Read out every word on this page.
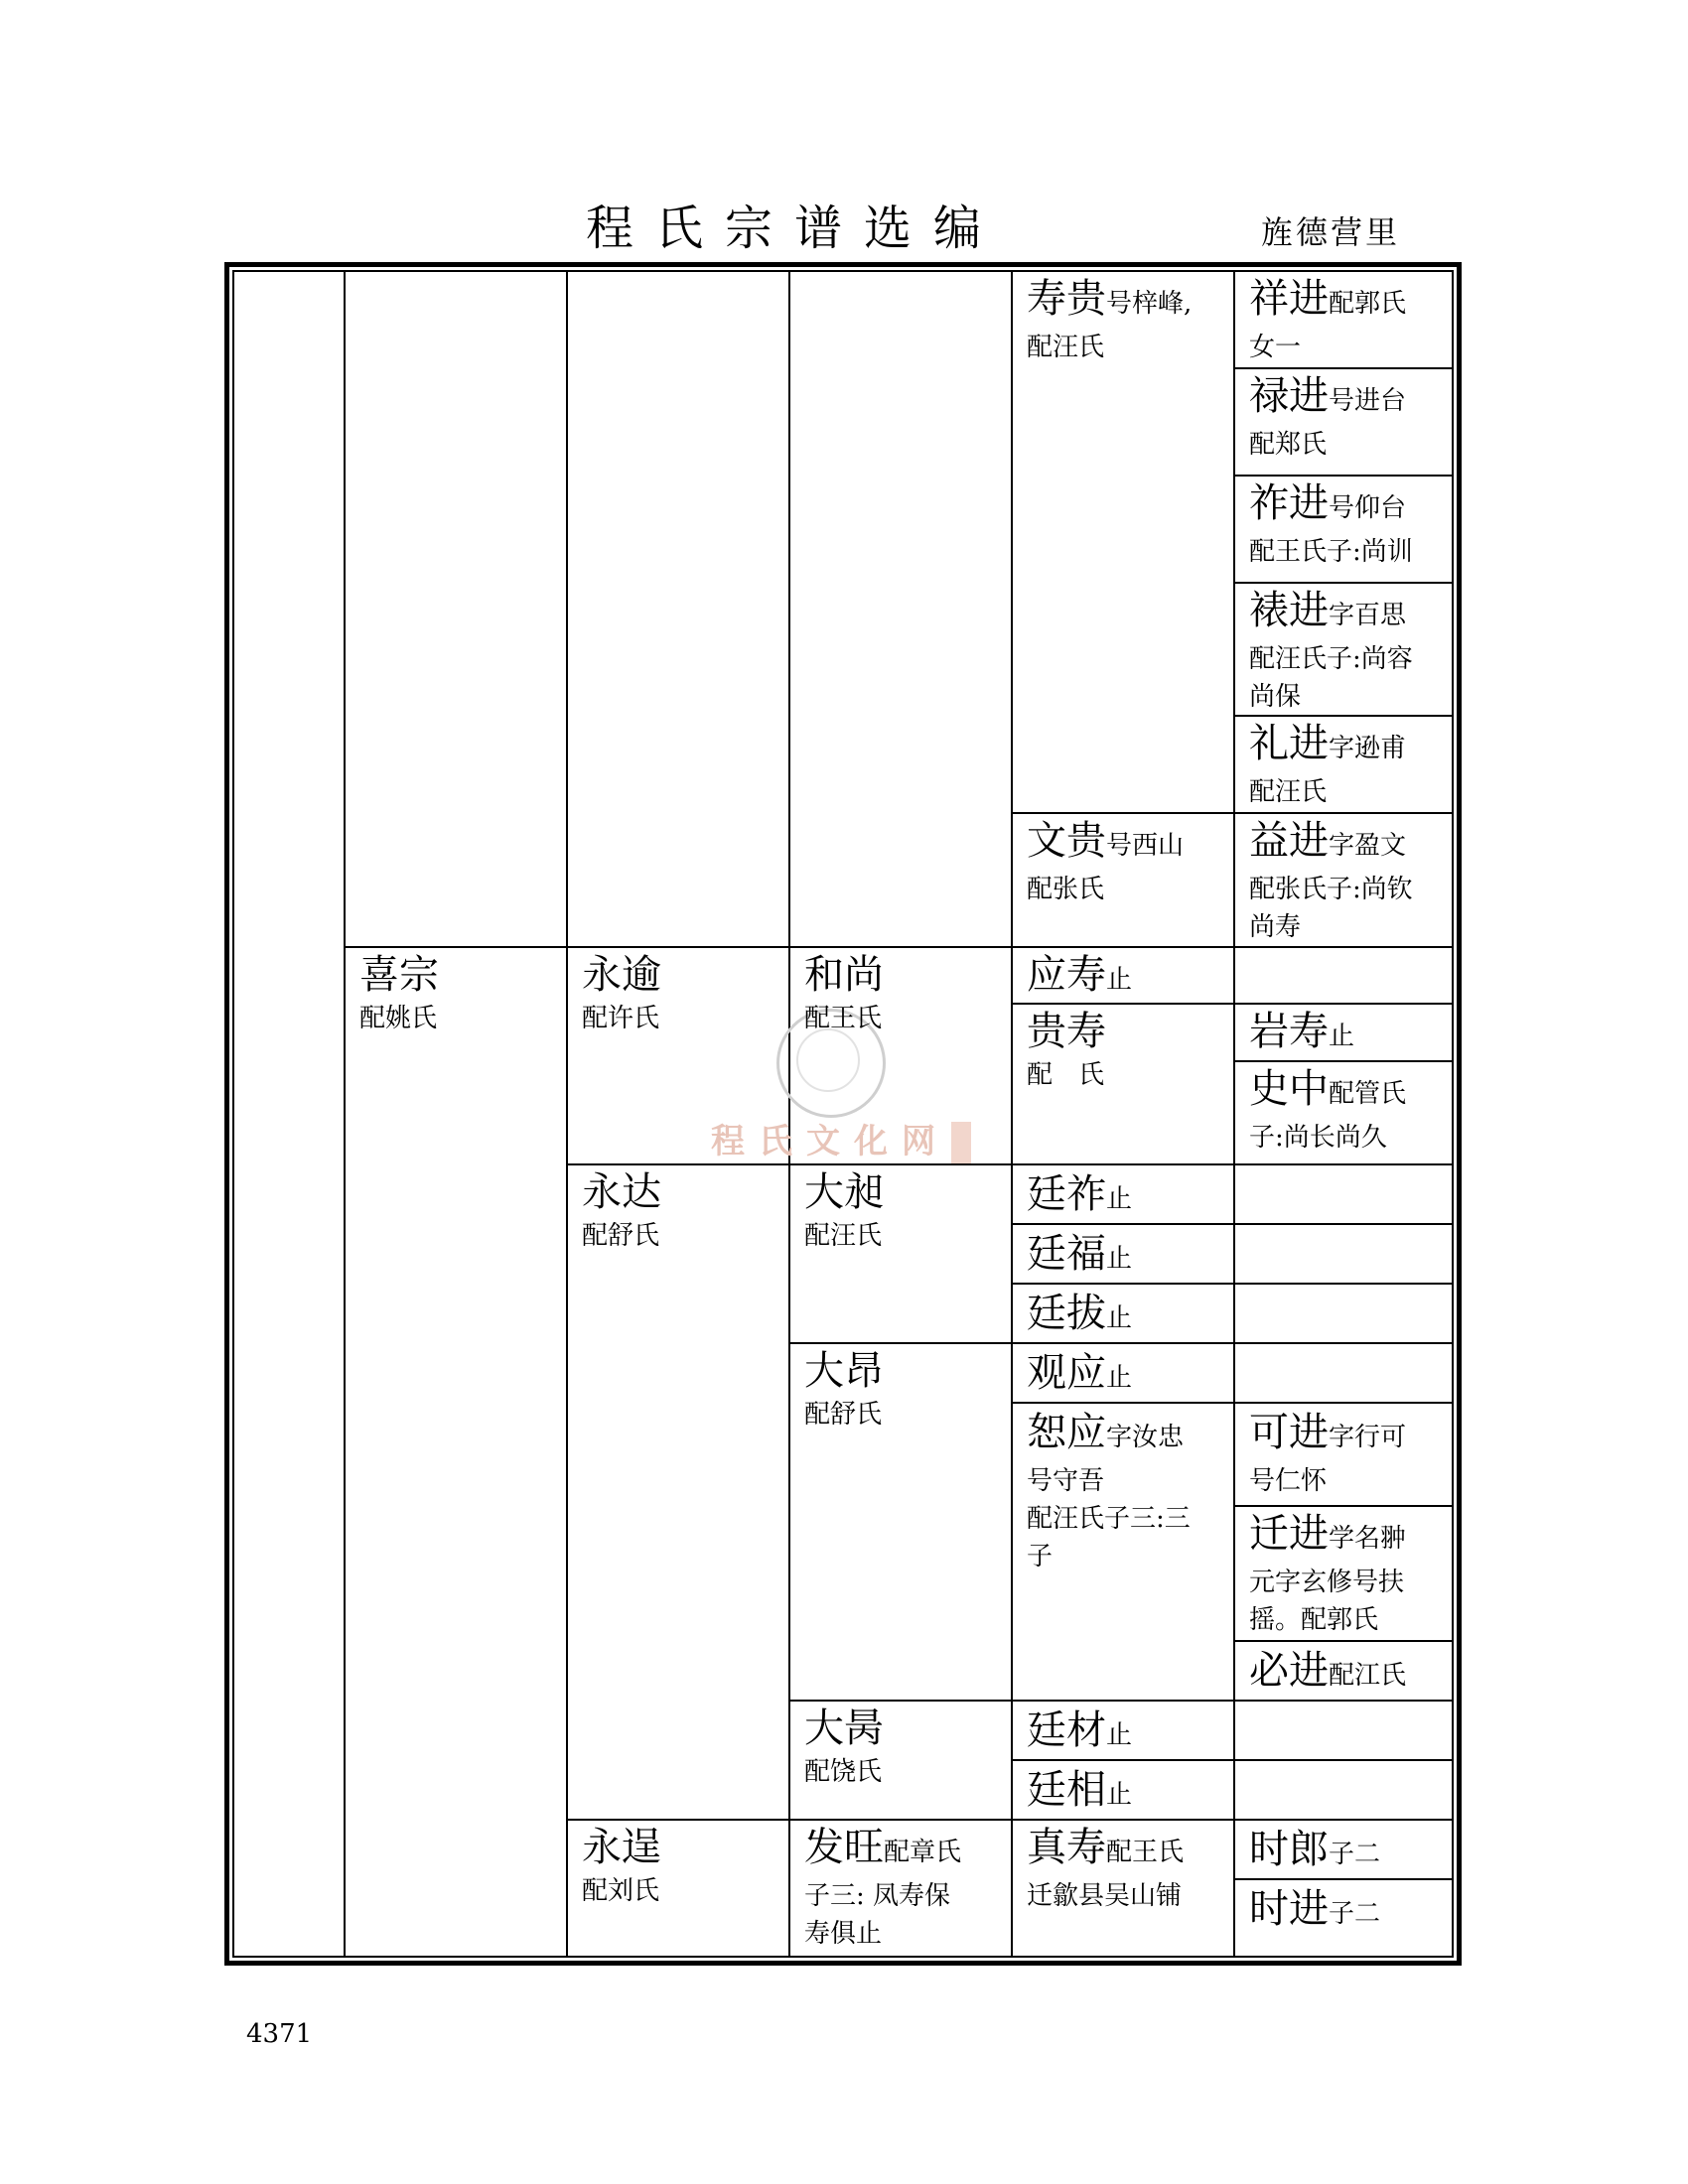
程氏宗谱选编	旌德营里
程氏文化网
寿贵号梓峰,
配汪氏
祥进配郭氏
女一
禄进号进台
配郑氏
祚进号仰台
配王氏子:尚训
裱进字百思
配汪氏子:尚容
尚保
礼进字逊甫
配汪氏
文贵号西山
配张氏
益进字盈文
配张氏子:尚钦
尚寿
喜宗
配姚氏
永逾
配许氏
和尚
配王氏
应寿止
贵寿
配　氏
岩寿止
史中配管氏
子:尚长尚久
永达
配舒氏
大昶
配汪氏
廷祚止
廷福止
廷拔止
大昂
配舒氏
观应止
恕应字汝忠
号守吾
配汪氏子三:三
子
可进字行可
号仁怀
迁进学名翀
元字玄修号扶
摇。配郭氏
必进配江氏
大昺
配饶氏
廷材止
廷相止
永逞
配刘氏
发旺配章氏
子三: 凤寿保
寿俱止
真寿配王氏
迁歙县吴山铺
时郎子二
时进子二
4371
